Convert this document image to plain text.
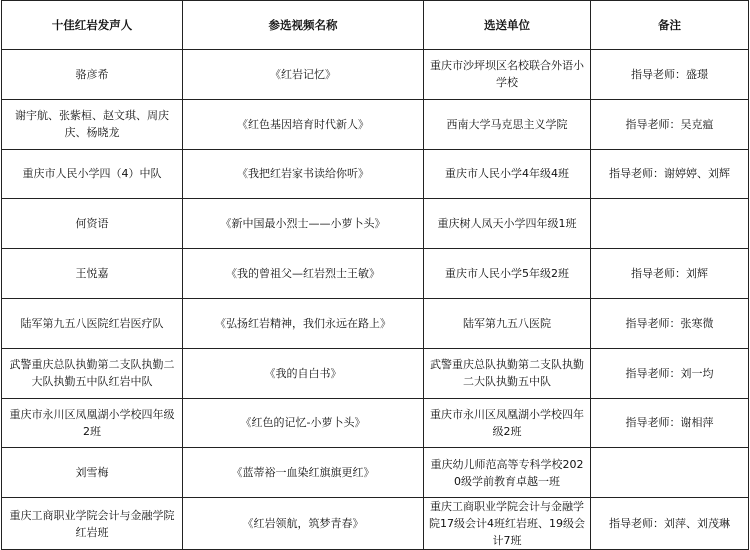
十佳红岩发声人	参选视频名称	选送单位	备注
骆彦希	《红岩记忆》	重庆市沙坪坝区名校联合外语小学校	指导老师：盛璟
谢宇航、张紫桓、赵文琪、周庆庆、杨晓龙	《红色基因培育时代新人》	西南大学马克思主义学院	指导老师：吴克瘟
重庆市人民小学四（4）中队	《我把红岩家书读给你听》	重庆市人民小学4年级4班	指导老师：谢婷婷、刘辉
何资语	《新中国最小烈士——小萝卜头》	重庆树人凤天小学四年级1班	
王悦嘉	《我的曾祖父—红岩烈士王敏》	重庆市人民小学5年级2班	指导老师：刘辉
陆军第九五八医院红岩医疗队	《弘扬红岩精神，我们永远在路上》	陆军第九五八医院	指导老师：张寒微
武警重庆总队执勤第二支队执勤二大队执勤五中队红岩中队	《我的自白书》	武警重庆总队执勤第二支队执勤二大队执勤五中队	指导老师：刘一均
重庆市永川区凤凰湖小学校四年级2班	《红色的记忆-小萝卜头》	重庆市永川区凤凰湖小学校四年级2班	指导老师：谢相萍
刘雪梅	《蓝蒂裕一血染红旗旗更红》	重庆幼儿师范高等专科学校2020级学前教育卓越一班	
重庆工商职业学院会计与金融学院红岩班	《红岩领航，筑梦青春》	重庆工商职业学院会计与金融学院17级会计4班红岩班、19级会计7班	指导老师：刘萍、刘茂琳
